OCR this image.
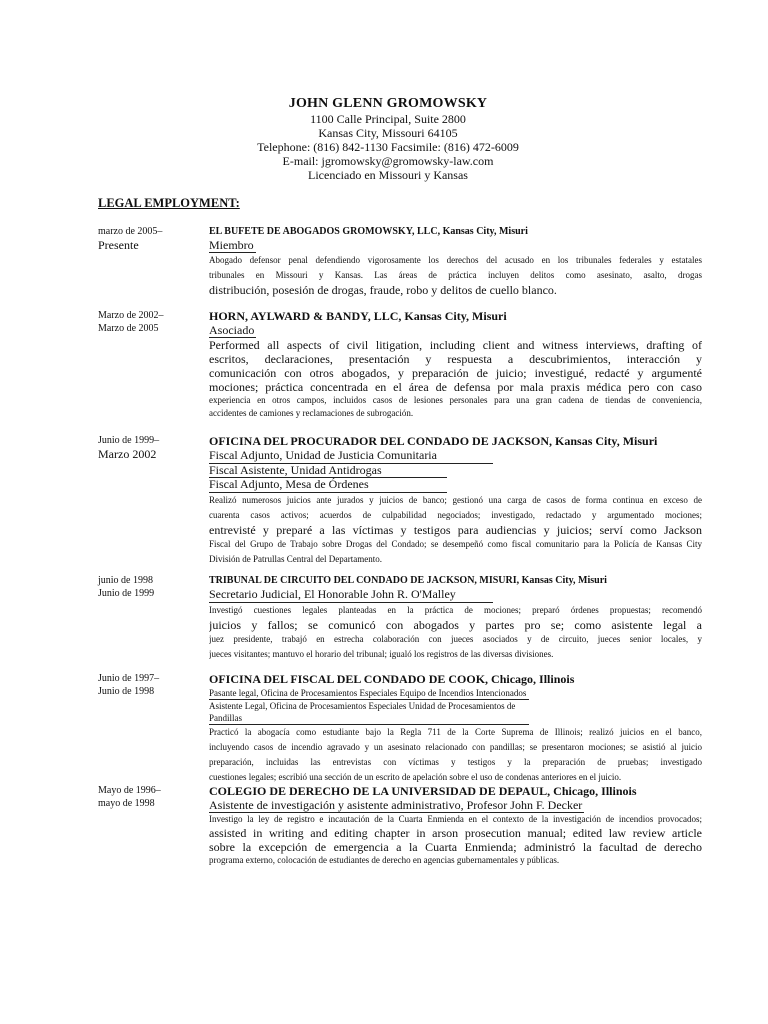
JOHN GLENN GROMOWSKY
1100 Calle Principal, Suite 2800
Kansas City, Missouri 64105
Telephone: (816) 842-1130 Facsimile: (816) 472-6009
E-mail: jgromowsky@gromowsky-law.com
Licenciado en Missouri y Kansas
LEGAL EMPLOYMENT:
marzo de 2005–
Presente
EL BUFETE DE ABOGADOS GROMOWSKY, LLC, Kansas City, Misuri
Miembro
Abogado defensor penal defendiendo vigorosamente los derechos del acusado en los tribunales federales y estatales
tribunales en Missouri y Kansas. Las áreas de práctica incluyen delitos como asesinato, asalto, drogas
distribución, posesión de drogas, fraude, robo y delitos de cuello blanco.
Marzo de 2002–
Marzo de 2005
HORN, AYLWARD & BANDY, LLC, Kansas City, Misuri
Asociado
Performed all aspects of civil litigation, including client and witness interviews, drafting of
escritos, declaraciones, presentación y respuesta a descubrimientos, interacción y
comunicación con otros abogados, y preparación de juicio; investigué, redacté y argumenté
mociones; práctica concentrada en el área de defensa por mala praxis médica pero con caso
experiencia en otros campos, incluidos casos de lesiones personales para una gran cadena de tiendas de conveniencia,
accidentes de camiones y reclamaciones de subrogación.
Junio de 1999–
Marzo 2002
OFICINA DEL PROCURADOR DEL CONDADO DE JACKSON, Kansas City, Misuri
Fiscal Adjunto, Unidad de Justicia Comunitaria
Fiscal Asistente, Unidad Antidrogas
Fiscal Adjunto, Mesa de Órdenes
Realizó numerosos juicios ante jurados y juicios de banco; gestionó una carga de casos de forma continua en exceso de
cuarenta casos activos; acuerdos de culpabilidad negociados; investigado, redactado y argumentado mociones;
entrevisté y preparé a las víctimas y testigos para audiencias y juicios; serví como Jackson
Fiscal del Grupo de Trabajo sobre Drogas del Condado; se desempeñó como fiscal comunitario para la Policía de Kansas City
División de Patrullas Central del Departamento.
junio de 1998
Junio de 1999
TRIBUNAL DE CIRCUITO DEL CONDADO DE JACKSON, MISURI, Kansas City, Misuri
Secretario Judicial, El Honorable John R. O'Malley
Investigó cuestiones legales planteadas en la práctica de mociones; preparó órdenes propuestas; recomendó
juicios y fallos; se comunicó con abogados y partes pro se; como asistente legal a
juez presidente, trabajó en estrecha colaboración con jueces asociados y de circuito, jueces senior locales, y
jueces visitantes; mantuvo el horario del tribunal; igualó los registros de las diversas divisiones.
Junio de 1997–
Junio de 1998
OFICINA DEL FISCAL DEL CONDADO DE COOK, Chicago, Illinois
Pasante legal, Oficina de Procesamientos Especiales Equipo de Incendios Intencionados
Asistente Legal, Oficina de Procesamientos Especiales Unidad de Procesamientos de Pandillas
Practicó la abogacía como estudiante bajo la Regla 711 de la Corte Suprema de Illinois; realizó juicios en el banco,
incluyendo casos de incendio agravado y un asesinato relacionado con pandillas; se presentaron mociones; se asistió al juicio
preparación, incluidas las entrevistas con víctimas y testigos y la preparación de pruebas; investigado
cuestiones legales; escribió una sección de un escrito de apelación sobre el uso de condenas anteriores en el juicio.
Mayo de 1996–
mayo de 1998
COLEGIO DE DERECHO DE LA UNIVERSIDAD DE DEPAUL, Chicago, Illinois
Asistente de investigación y asistente administrativo, Profesor John F. Decker
Investigo la ley de registro e incautación de la Cuarta Enmienda en el contexto de la investigación de incendios provocados;
assisted in writing and editing chapter in arson prosecution manual; edited law review article
sobre la excepción de emergencia a la Cuarta Enmienda; administró la facultad de derecho
programa externo, colocación de estudiantes de derecho en agencias gubernamentales y públicas.
